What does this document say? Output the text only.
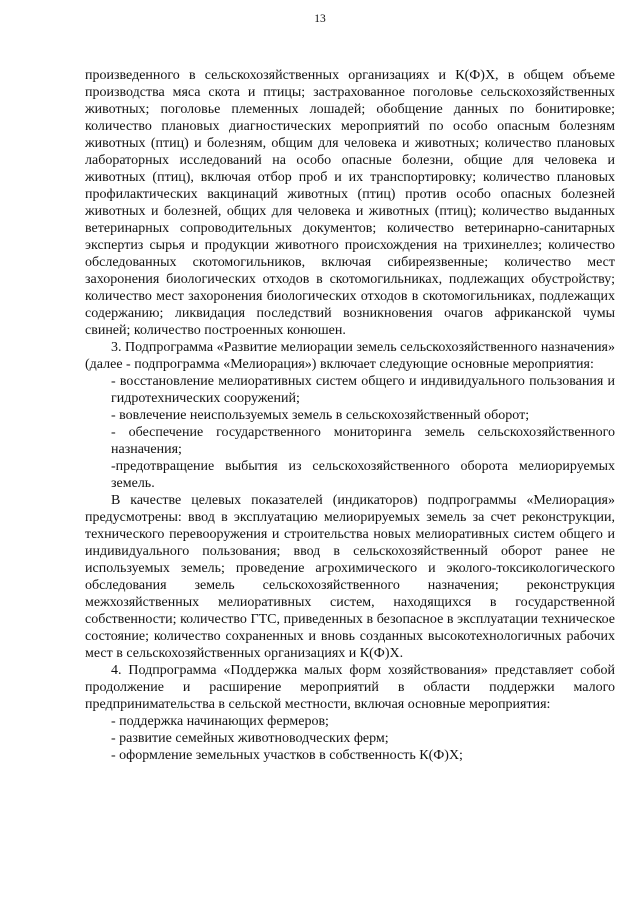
13

произведенного в сельскохозяйственных организациях и К(Ф)Х, в общем объеме производства мяса скота и птицы; застрахованное поголовье сельскохозяйственных животных; поголовье племенных лошадей; обобщение данных по бонитировке; количество плановых диагностических мероприятий по особо опасным болезням животных (птиц) и болезням, общим для человека и животных; количество плановых лабораторных исследований на особо опасные болезни, общие для человека и животных (птиц), включая отбор проб и их транспортировку; количество плановых профилактических вакцинаций животных (птиц) против особо опасных болезней животных и болезней, общих для человека и животных (птиц); количество выданных ветеринарных сопроводительных документов; количество ветеринарно-санитарных экспертиз сырья и продукции животного происхождения на трихинеллез; количество обследованных скотомогильников, включая сибиреязвенные; количество мест захоронения биологических отходов в скотомогильниках, подлежащих обустройству; количество мест захоронения биологических отходов в скотомогильниках, подлежащих содержанию; ликвидация последствий возникновения очагов африканской чумы свиней; количество построенных конюшен.

3. Подпрограмма «Развитие мелиорации земель сельскохозяйственного назначения» (далее - подпрограмма «Мелиорация») включает следующие основные мероприятия:

- восстановление мелиоративных систем общего и индивидуального пользования и гидротехнических сооружений;

- вовлечение неиспользуемых земель в сельскохозяйственный оборот;

- обеспечение государственного мониторинга земель сельскохозяйственного назначения;

-предотвращение выбытия из сельскохозяйственного оборота мелиорируемых земель.

В качестве целевых показателей (индикаторов) подпрограммы «Мелиорация» предусмотрены: ввод в эксплуатацию мелиорируемых земель за счет реконструкции, технического перевооружения и строительства новых мелиоративных систем общего и индивидуального пользования; ввод в сельскохозяйственный оборот ранее не используемых земель; проведение агрохимического и эколого-токсикологического обследования земель сельскохозяйственного назначения; реконструкция межхозяйственных мелиоративных систем, находящихся в государственной собственности; количество ГТС, приведенных в безопасное в эксплуатации техническое состояние; количество сохраненных и вновь созданных высокотехнологичных рабочих мест в сельскохозяйственных организациях и К(Ф)Х.

4. Подпрограмма «Поддержка малых форм хозяйствования» представляет собой продолжение и расширение мероприятий в области поддержки малого предпринимательства в сельской местности, включая основные мероприятия:

- поддержка начинающих фермеров;

- развитие семейных животноводческих ферм;

- оформление земельных участков в собственность К(Ф)Х;
